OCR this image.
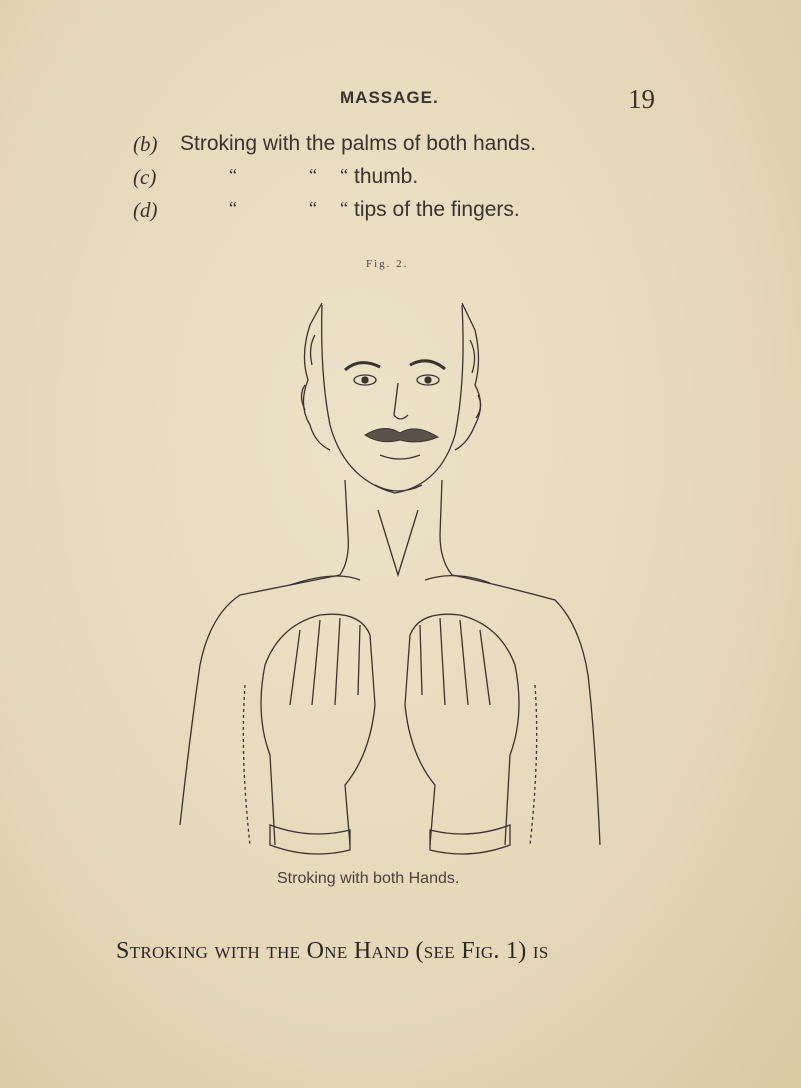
MASSAGE.	19
(b) Stroking with the palms of both hands.
(c)	“	“ “ thumb.
(d)	“	“ “ tips of the fingers.
Fig. 2.
Stroking with both Hands.
Stroking with the One Hand (see Fig. 1) is
